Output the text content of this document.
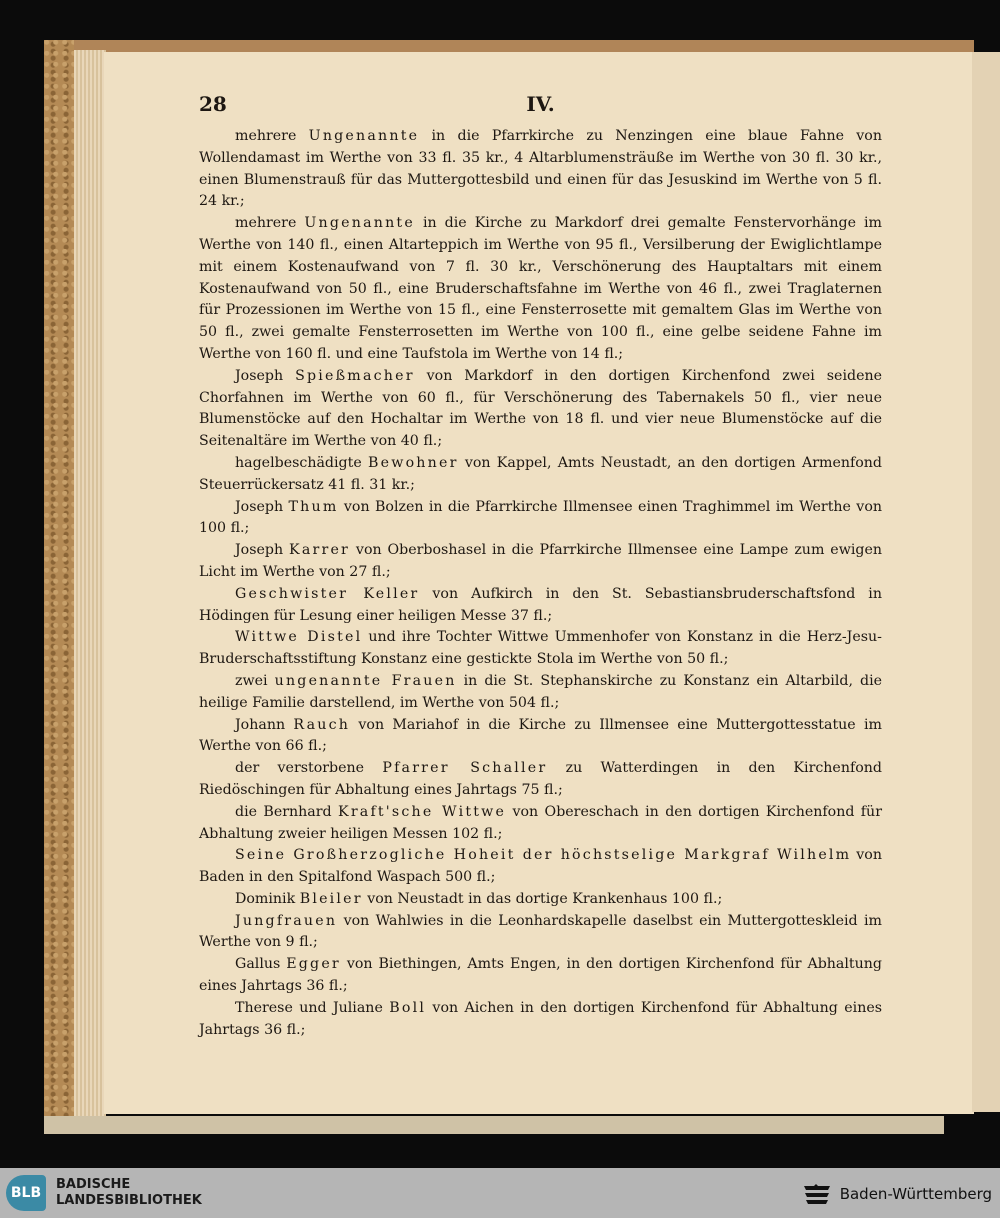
28	IV.

mehrere Ungenannte in die Pfarrkirche zu Nenzingen eine blaue Fahne von Wollendamast im Werthe von 33 fl. 35 kr., 4 Altarblumensträuße im Werthe von 30 fl. 30 kr., einen Blumenstrauß für das Muttergottesbild und einen für das Jesuskind im Werthe von 5 fl. 24 kr.;

mehrere Ungenannte in die Kirche zu Markdorf drei gemalte Fenstervorhänge im Werthe von 140 fl., einen Altarteppich im Werthe von 95 fl., Versilberung der Ewiglichtlampe mit einem Kostenaufwand von 7 fl. 30 kr., Verschönerung des Hauptaltars mit einem Kostenaufwand von 50 fl., eine Bruderschaftsfahne im Werthe von 46 fl., zwei Traglaternen für Prozessionen im Werthe von 15 fl., eine Fensterrosette mit gemaltem Glas im Werthe von 50 fl., zwei gemalte Fensterrosetten im Werthe von 100 fl., eine gelbe seidene Fahne im Werthe von 160 fl. und eine Taufstola im Werthe von 14 fl.;

Joseph Spießmacher von Markdorf in den dortigen Kirchenfond zwei seidene Chorfahnen im Werthe von 60 fl., für Verschönerung des Tabernakels 50 fl., vier neue Blumenstöcke auf den Hochaltar im Werthe von 18 fl. und vier neue Blumenstöcke auf die Seitenaltäre im Werthe von 40 fl.;

hagelbeschädigte Bewohner von Kappel, Amts Neustadt, an den dortigen Armenfond Steuerrückersatz 41 fl. 31 kr.;

Joseph Thum von Bolzen in die Pfarrkirche Illmensee einen Traghimmel im Werthe von 100 fl.;

Joseph Karrer von Oberboshasel in die Pfarrkirche Illmensee eine Lampe zum ewigen Licht im Werthe von 27 fl.;

Geschwister Keller von Aufkirch in den St. Sebastiansbruderschaftsfond in Hödingen für Lesung einer heiligen Messe 37 fl.;

Wittwe Distel und ihre Tochter Wittwe Ummenhofer von Konstanz in die Herz-Jesu-Bruderschaftsstiftung Konstanz eine gestickte Stola im Werthe von 50 fl.;

zwei ungenannte Frauen in die St. Stephanskirche zu Konstanz ein Altarbild, die heilige Familie darstellend, im Werthe von 504 fl.;

Johann Rauch von Mariahof in die Kirche zu Illmensee eine Muttergottesstatue im Werthe von 66 fl.;

der verstorbene Pfarrer Schaller zu Watterdingen in den Kirchenfond Riedöschingen für Abhaltung eines Jahrtags 75 fl.;

die Bernhard Kraft'sche Wittwe von Oberesсhach in den dortigen Kirchenfond für Abhaltung zweier heiligen Messen 102 fl.;

Seine Großherzogliche Hoheit der höchstselige Markgraf Wilhelm von Baden in den Spitalfond Waspach 500 fl.;

Dominik Bleiler von Neustadt in das dortige Krankenhaus 100 fl.;

Jungfrauen von Wahlwies in die Leonhardskapelle daselbst ein Muttergotteskleid im Werthe von 9 fl.;

Gallus Egger von Biethingen, Amts Engen, in den dortigen Kirchenfond für Abhaltung eines Jahrtags 36 fl.;

Therese und Juliane Boll von Aichen in den dortigen Kirchenfond für Abhaltung eines Jahrtags 36 fl.;

BLB
BADISCHE
LANDESBIBLIOTHEK	Baden-Württemberg
